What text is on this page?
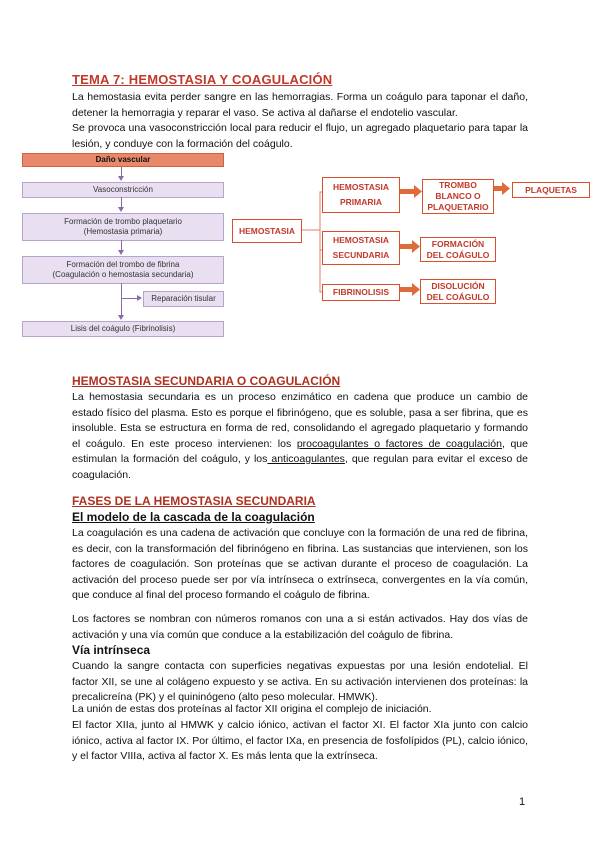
TEMA 7: HEMOSTASIA Y COAGULACIÓN

La hemostasia evita perder sangre en las hemorragias. Forma un coágulo para taponar el daño, detener la hemorragia y reparar el vaso. Se activa al dañarse el endotelio vascular.

Se provoca una vasoconstricción local para reducir el flujo, un agregado plaquetario para tapar la lesión, y conduye con la formación del coágulo.

Daño vascular
Vasoconstricción
Formación de trombo plaquetario
(Hemostasia primaria)
Formación del trombo de fibrina
(Coagulación o hemostasia secundaria)
Reparación tisular
Lisis del coágulo (Fibrinolisis)
HEMOSTASIA
HEMOSTASIA
PRIMARIA
TROMBO
BLANCO O
PLAQUETARIO
PLAQUETAS
HEMOSTASIA
SECUNDARIA
FORMACIÓN
DEL COÁGULO
FIBRINOLISIS
DISOLUCIÓN
DEL COÁGULO
HEMOSTASIA SECUNDARIA O COAGULACIÓN

La hemostasia secundaria es un proceso enzimático en cadena que produce un cambio de estado físico del plasma. Esto es porque el fibrinógeno, que es soluble, pasa a ser fibrina, que es insoluble. Esta se estructura en forma de red, consolidando el agregado plaquetario y formando el coágulo. En este proceso intervienen: los procoagulantes o factores de coagulación, que estimulan la formación del coágulo, y los anticoagulantes, que regulan para evitar el exceso de coagulación.

FASES DE LA HEMOSTASIA SECUNDARIA
El modelo de la cascada de la coagulación

La coagulación es una cadena de activación que concluye con la formación de una red de fibrina, es decir, con la transformación del fibrinógeno en fibrina. Las sustancias que intervienen, son los factores de coagulación. Son proteínas que se activan durante el proceso de coagulación. La activación del proceso puede ser por vía intrínseca o extrínseca, convergentes en la vía común, que conduce al final del proceso formando el coágulo de fibrina.

Los factores se nombran con números romanos con una a si están activados. Hay dos vías de activación y una vía común que conduce a la estabilización del coágulo de fibrina.

Vía intrínseca

Cuando la sangre contacta con superficies negativas expuestas por una lesión endotelial. El factor XII, se une al colágeno expuesto y se activa. En su activación intervienen dos proteínas: la precalicreína (PK) y el quininógeno (alto peso molecular. HMWK).

La unión de estas dos proteínas al factor XII origina el complejo de iniciación.

El factor XIIa, junto al HMWK y calcio iónico, activan el factor XI. El factor XIa junto con calcio iónico, activa al factor IX. Por último, el factor IXa, en presencia de fosfolípidos (PL), calcio iónico, y el factor VIIIa, activa al factor X. Es más lenta que la extrínseca.

1
